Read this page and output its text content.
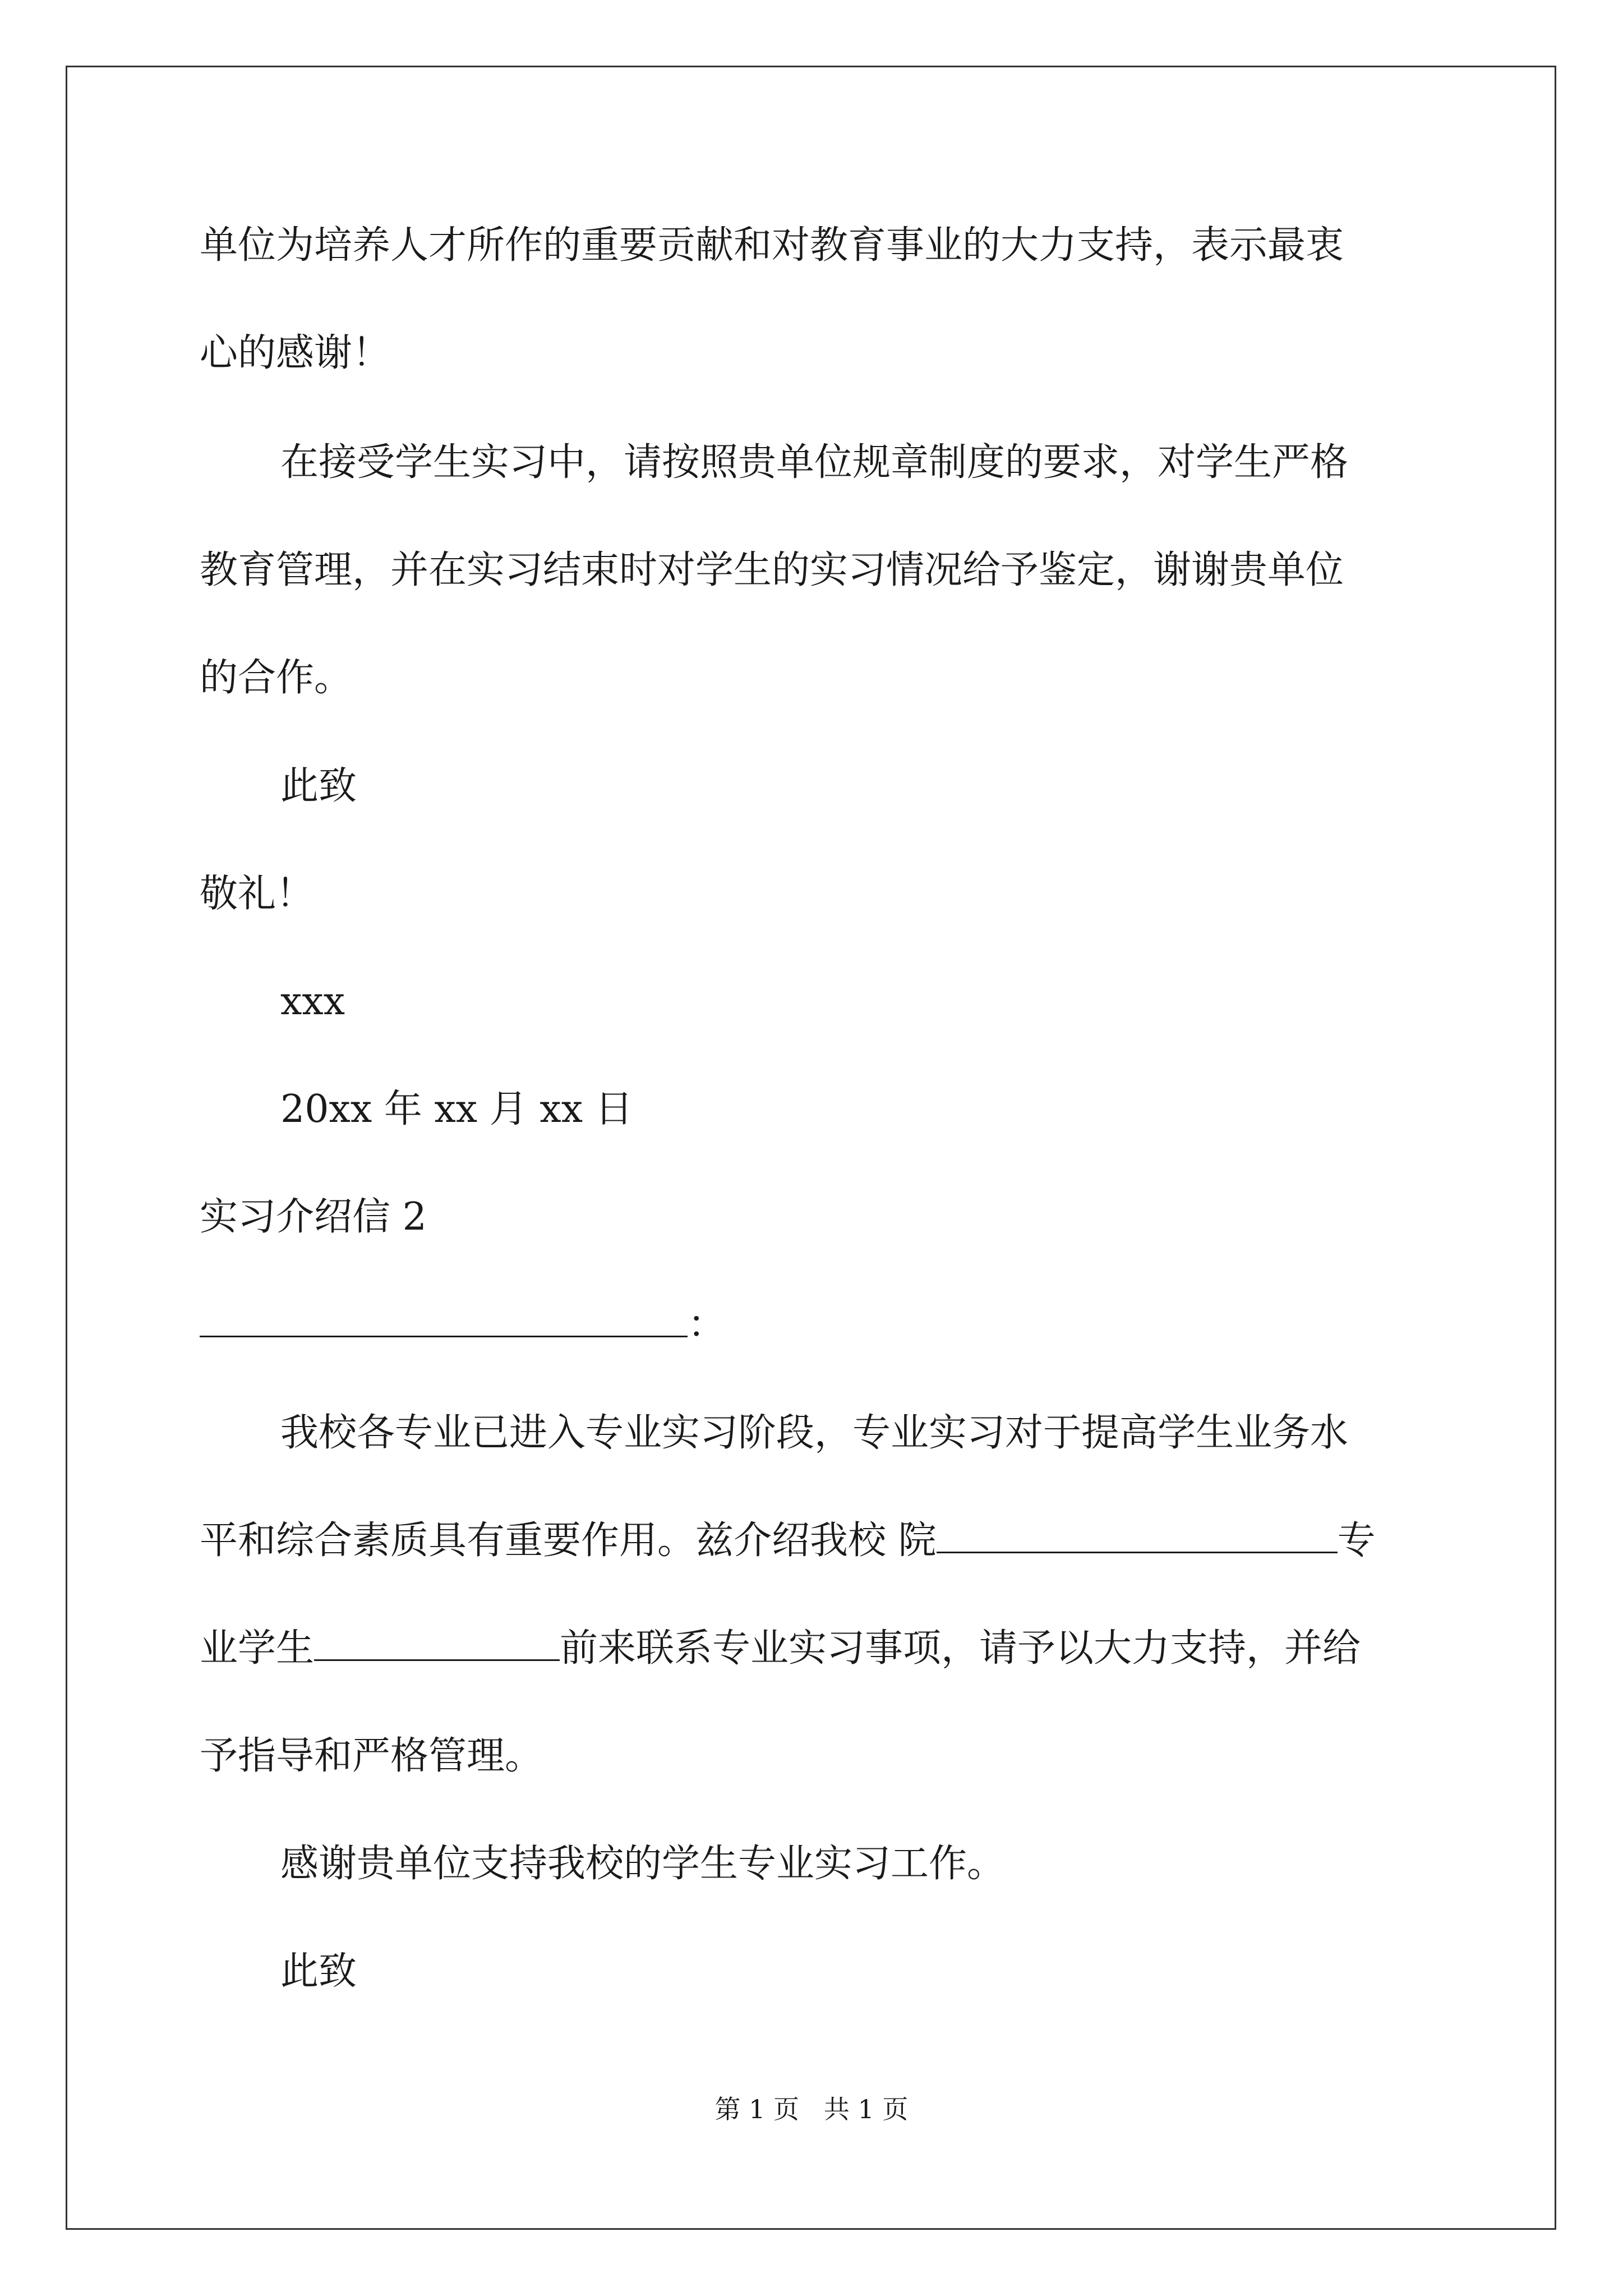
单位为培养人才所作的重要贡献和对教育事业的大力支持，表示最衷
心的感谢！
在接受学生实习中，请按照贵单位规章制度的要求，对学生严格
教育管理，并在实习结束时对学生的实习情况给予鉴定，谢谢贵单位
的合作。
此致
敬礼！
xxx
20xx 年 xx 月 xx 日
实习介绍信 2
：
我校各专业已进入专业实习阶段，专业实习对于提高学生业务水
平和综合素质具有重要作用。兹介绍我校 院	专
业学生	前来联系专业实习事项，请予以大力支持，并给
予指导和严格管理。
感谢贵单位支持我校的学生专业实习工作。
此致
第 1 页   共 1 页
